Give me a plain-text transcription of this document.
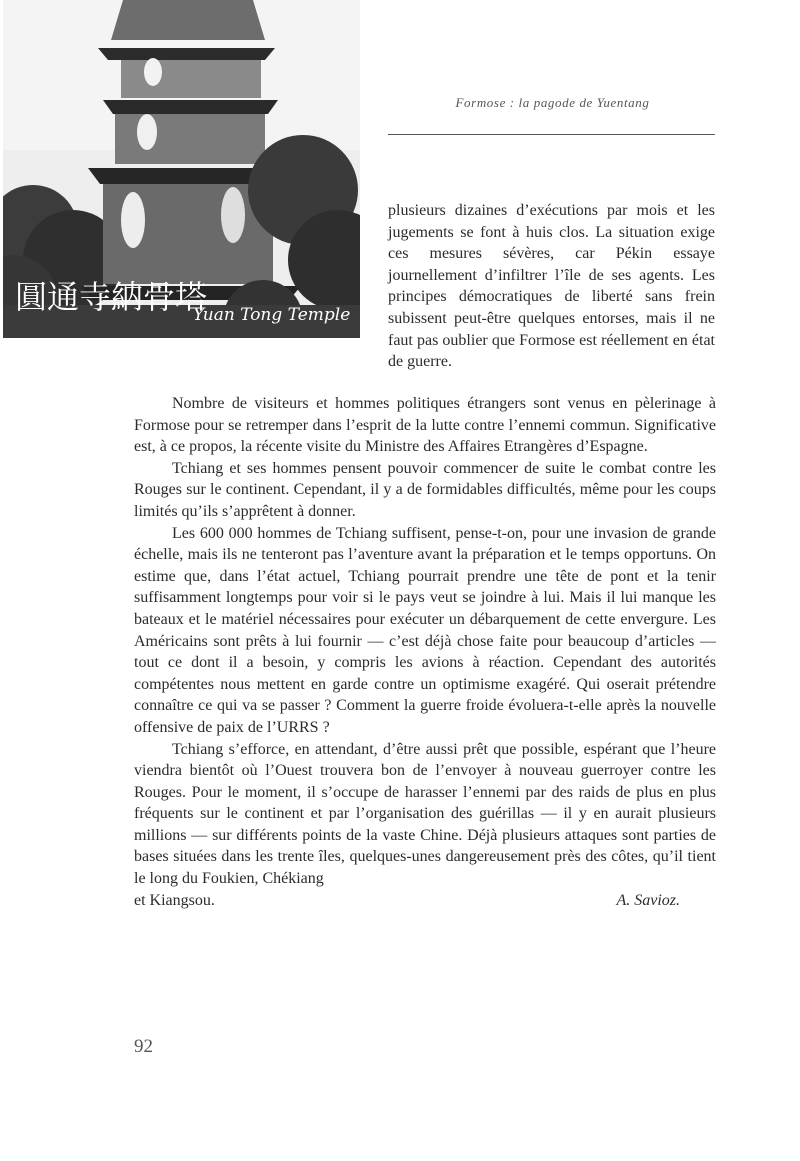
圓通寺納骨塔
Yuan Tong Temple
Formose : la pagode de Yuentang

plusieurs dizaines d’exécutions par mois et les jugements se font à huis clos. La situation exige ces mesures sévères, car Pékin essaye journellement d’infiltrer l’île de ses agents. Les principes démocratiques de liberté sans frein subissent peut-être quelques entorses, mais il ne faut pas oublier que Formose est réellement en état de guerre.

Nombre de visiteurs et hommes politiques étrangers sont venus en pèlerinage à Formose pour se retremper dans l’esprit de la lutte contre l’ennemi commun. Significative est, à ce propos, la récente visite du Ministre des Affaires Etrangères d’Espagne.

Tchiang et ses hommes pensent pouvoir commencer de suite le combat contre les Rouges sur le continent. Cependant, il y a de formidables difficultés, même pour les coups limités qu’ils s’apprêtent à donner.

Les 600 000 hommes de Tchiang suffisent, pense-t-on, pour une invasion de grande échelle, mais ils ne tenteront pas l’aventure avant la préparation et le temps opportuns. On estime que, dans l’état actuel, Tchiang pourrait prendre une tête de pont et la tenir suffisamment longtemps pour voir si le pays veut se joindre à lui. Mais il lui manque les bateaux et le matériel nécessaires pour exécuter un débarquement de cette envergure. Les Américains sont prêts à lui fournir — c’est déjà chose faite pour beaucoup d’articles — tout ce dont il a besoin, y compris les avions à réaction. Cependant des autorités compétentes nous mettent en garde contre un optimisme exagéré. Qui oserait prétendre connaître ce qui va se passer ? Comment la guerre froide évoluera-t-elle après la nouvelle offensive de paix de l’URRS ?

Tchiang s’efforce, en attendant, d’être aussi prêt que possible, espérant que l’heure viendra bientôt où l’Ouest trouvera bon de l’envoyer à nouveau guerroyer contre les Rouges. Pour le moment, il s’occupe de harasser l’ennemi par des raids de plus en plus fréquents sur le continent et par l’organisation des guérillas — il y en aurait plusieurs millions — sur différents points de la vaste Chine. Déjà plusieurs attaques sont parties de bases situées dans les trente îles, quelques-unes dangereusement près des côtes, qu’il tient le long du Foukien, Chékiang

et Kiangsou.	A. Savioz.
92
